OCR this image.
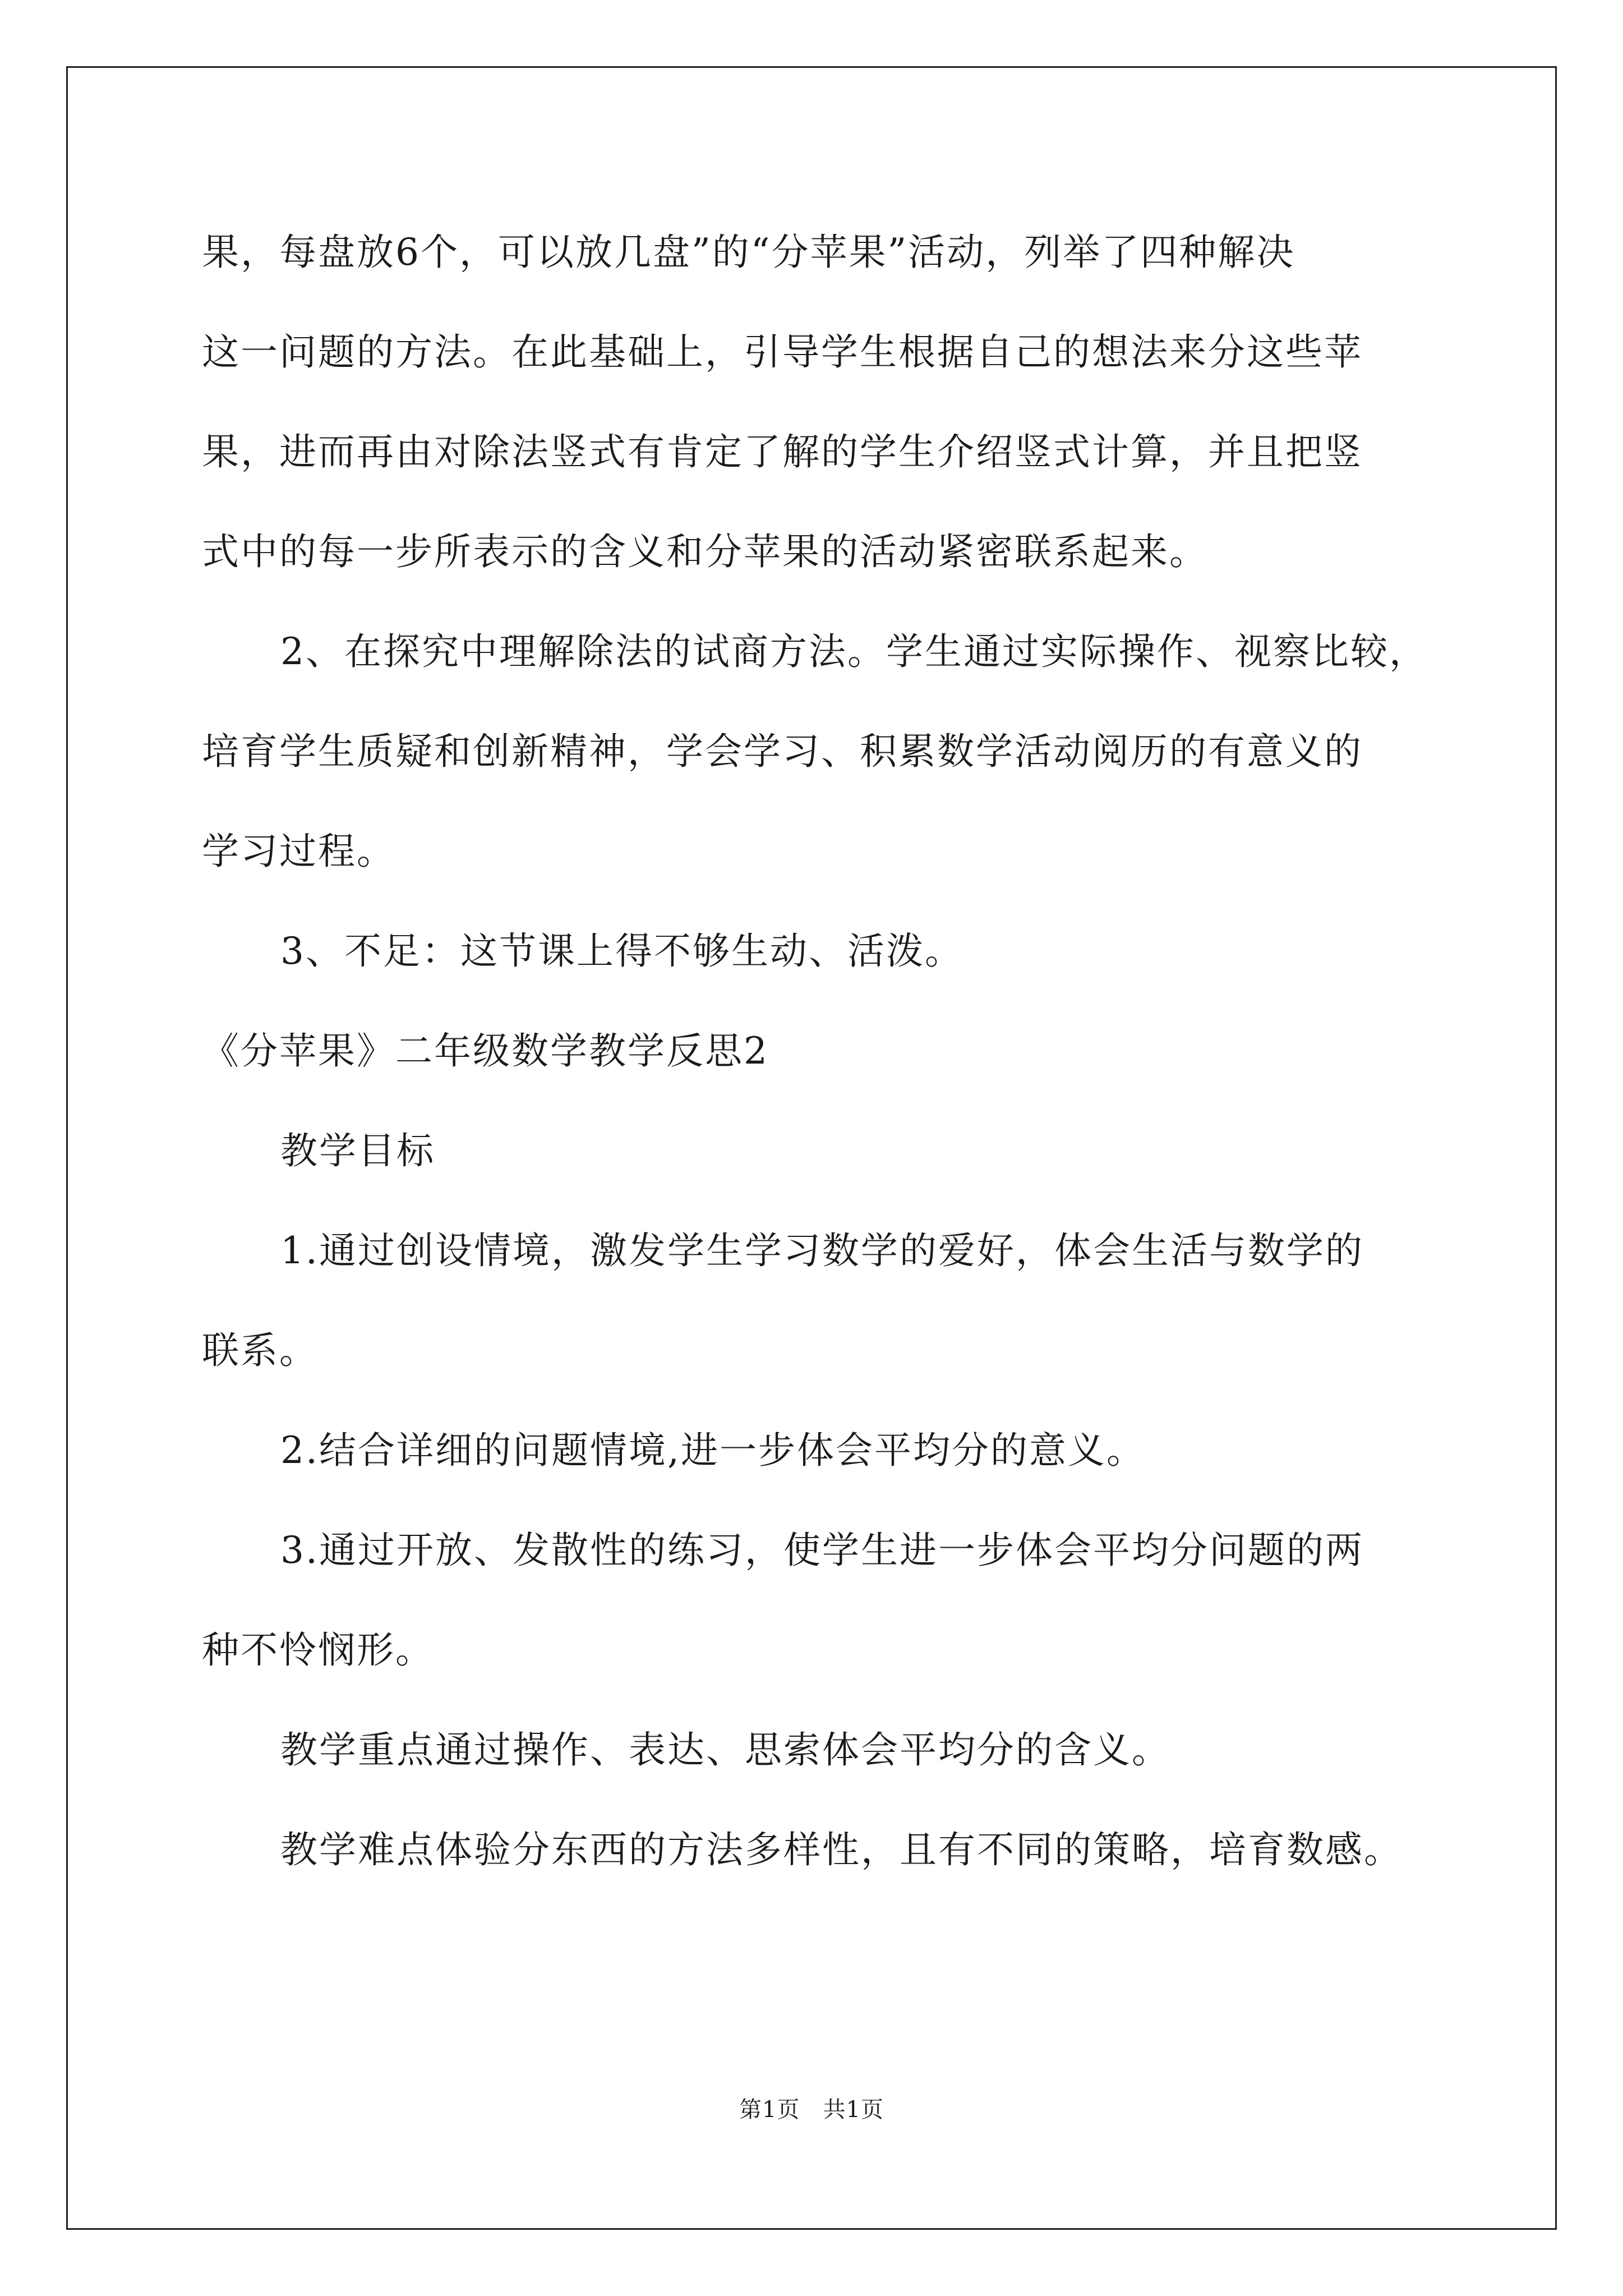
果，每盘放6个，可以放几盘”的“分苹果”活动，列举了四种解决
这一问题的方法。在此基础上，引导学生根据自己的想法来分这些苹
果，进而再由对除法竖式有肯定了解的学生介绍竖式计算，并且把竖
式中的每一步所表示的含义和分苹果的活动紧密联系起来。
2、在探究中理解除法的试商方法。学生通过实际操作、视察比较，
培育学生质疑和创新精神，学会学习、积累数学活动阅历的有意义的
学习过程。
3、不足：这节课上得不够生动、活泼。
《分苹果》二年级数学教学反思2
教学目标
1.通过创设情境，激发学生学习数学的爱好，体会生活与数学的
联系。
2.结合详细的问题情境,进一步体会平均分的意义。
3.通过开放、发散性的练习，使学生进一步体会平均分问题的两
种不怜悯形。
教学重点通过操作、表达、思索体会平均分的含义。
教学难点体验分东西的方法多样性，且有不同的策略，培育数感。
第1页　共1页
